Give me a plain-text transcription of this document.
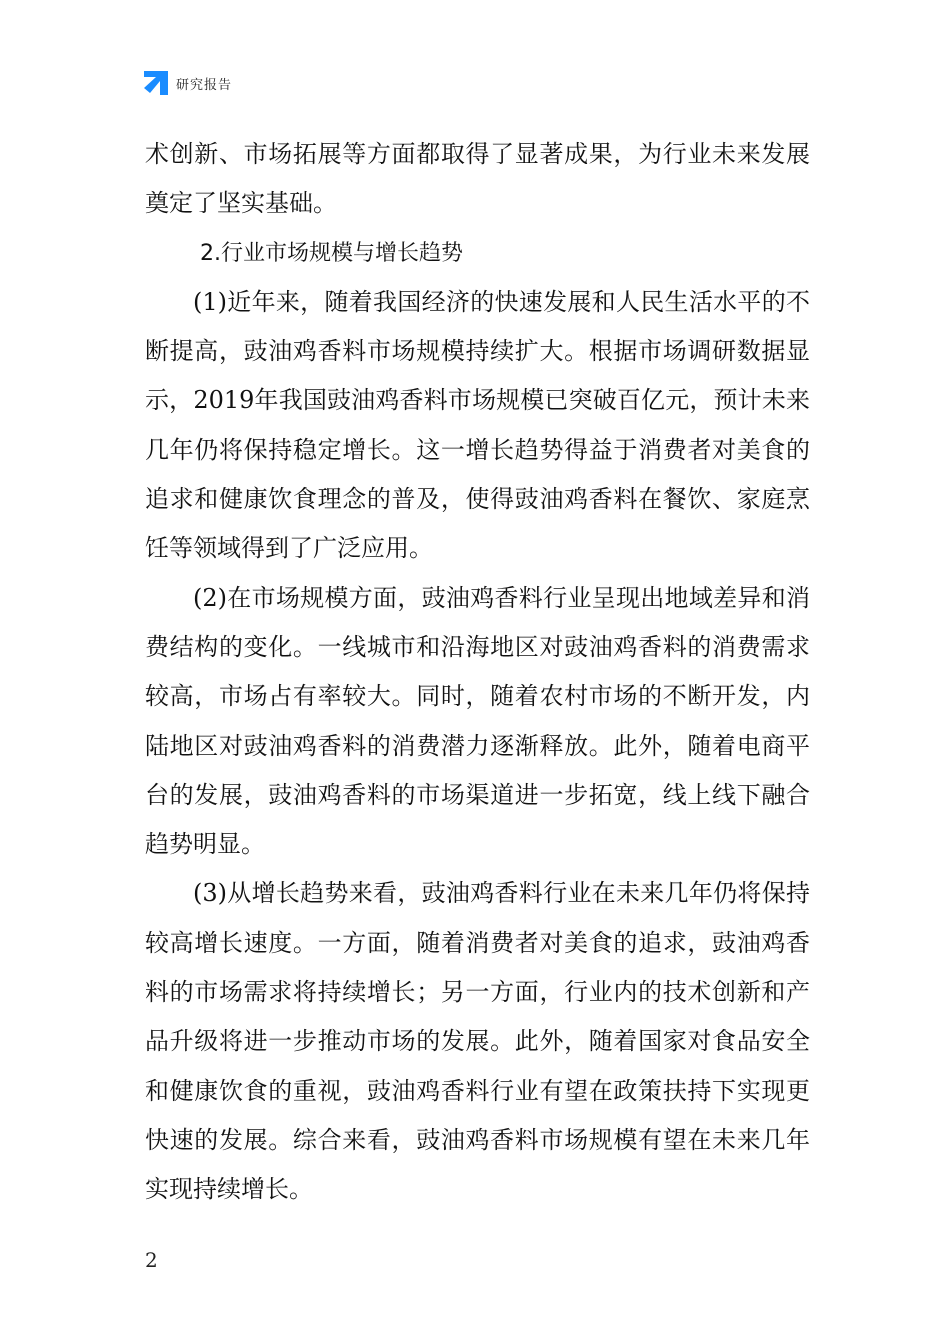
研究报告

术创新、市场拓展等方面都取得了显著成果，为行业未来发展奠定了坚实基础。

2.行业市场规模与增长趋势

(1)近年来，随着我国经济的快速发展和人民生活水平的不断提高，豉油鸡香料市场规模持续扩大。根据市场调研数据显示，2019年我国豉油鸡香料市场规模已突破百亿元，预计未来几年仍将保持稳定增长。这一增长趋势得益于消费者对美食的追求和健康饮食理念的普及，使得豉油鸡香料在餐饮、家庭烹饪等领域得到了广泛应用。

(2)在市场规模方面，豉油鸡香料行业呈现出地域差异和消费结构的变化。一线城市和沿海地区对豉油鸡香料的消费需求较高，市场占有率较大。同时，随着农村市场的不断开发，内陆地区对豉油鸡香料的消费潜力逐渐释放。此外，随着电商平台的发展，豉油鸡香料的市场渠道进一步拓宽，线上线下融合趋势明显。

(3)从增长趋势来看，豉油鸡香料行业在未来几年仍将保持较高增长速度。一方面，随着消费者对美食的追求，豉油鸡香料的市场需求将持续增长；另一方面，行业内的技术创新和产品升级将进一步推动市场的发展。此外，随着国家对食品安全和健康饮食的重视，豉油鸡香料行业有望在政策扶持下实现更快速的发展。综合来看，豉油鸡香料市场规模有望在未来几年实现持续增长。

2
